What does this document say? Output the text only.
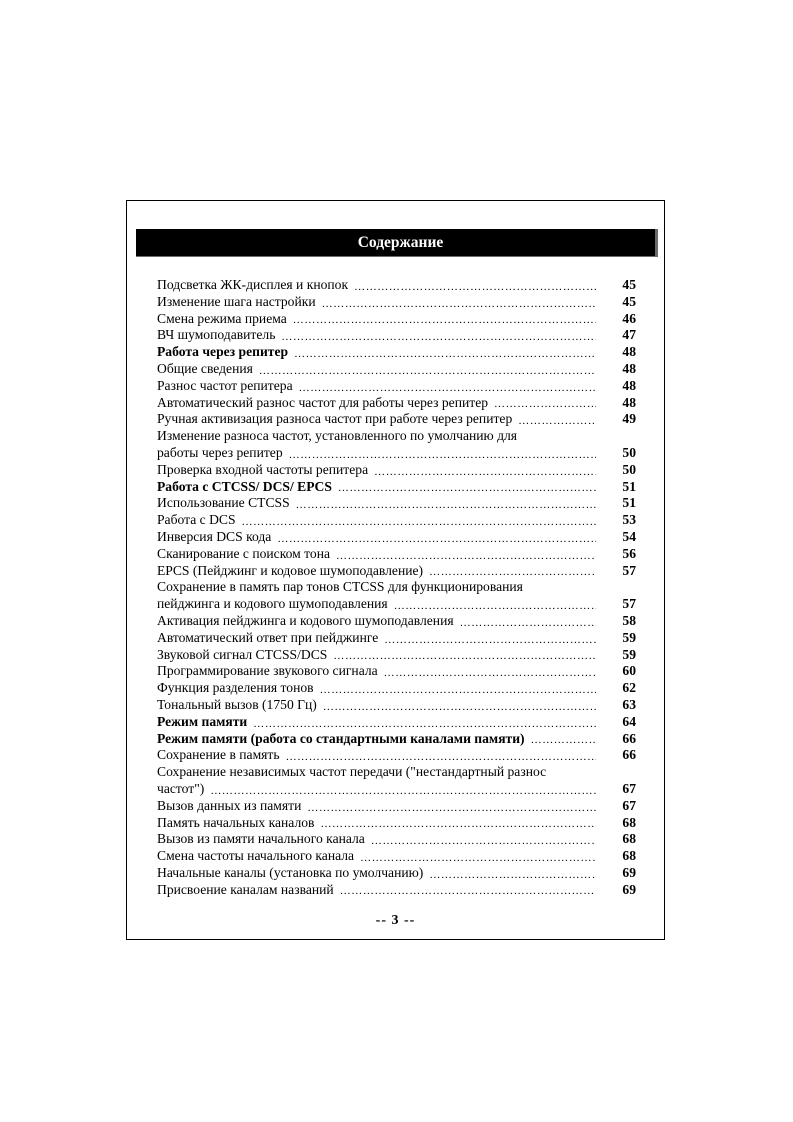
Содержание
Подсветка ЖК-дисплея и кнопок …………………………………………………………………………………………………………………	45
Изменение шага настройки …………………………………………………………………………………………………………………	45
Смена режима приема …………………………………………………………………………………………………………………	46
ВЧ шумоподавитель …………………………………………………………………………………………………………………	47
Работа через репитер …………………………………………………………………………………………………………………	48
Общие сведения …………………………………………………………………………………………………………………	48
Разнос частот репитера …………………………………………………………………………………………………………………	48
Автоматический разнос частот для работы через репитер …………………………………………………………………………………………………………………	48
Ручная активизация разноса частот при работе через репитер …………………………………………………………………………………………………………………	49
Изменение разноса частот, установленного по умолчанию для
работы через репитер …………………………………………………………………………………………………………………	50
Проверка входной частоты репитера …………………………………………………………………………………………………………………	50
Работа с CTCSS/ DCS/ EPCS …………………………………………………………………………………………………………………	51
Использование CTCSS …………………………………………………………………………………………………………………	51
Работа с DCS …………………………………………………………………………………………………………………	53
Инверсия DCS кода …………………………………………………………………………………………………………………	54
Сканирование с поиском тона …………………………………………………………………………………………………………………	56
EPCS (Пейджинг и кодовое шумоподавление) …………………………………………………………………………………………………………………	57
Сохранение в память пар тонов CTCSS для функционирования
пейджинга и кодового шумоподавления …………………………………………………………………………………………………………………	57
Активация пейджинга и кодового шумоподавления …………………………………………………………………………………………………………………	58
Автоматический ответ при пейджинге …………………………………………………………………………………………………………………	59
Звуковой сигнал CTCSS/DCS …………………………………………………………………………………………………………………	59
Программирование звукового сигнала …………………………………………………………………………………………………………………	60
Функция разделения тонов …………………………………………………………………………………………………………………	62
Тональный вызов (1750 Гц) …………………………………………………………………………………………………………………	63
Режим памяти …………………………………………………………………………………………………………………	64
Режим памяти (работа со стандартными каналами памяти) …………………………………………………………………………………………………………………	66
Сохранение в память …………………………………………………………………………………………………………………	66
Сохранение независимых частот передачи ("нестандартный разнос
частот") …………………………………………………………………………………………………………………	67
Вызов данных из памяти …………………………………………………………………………………………………………………	67
Память начальных каналов …………………………………………………………………………………………………………………	68
Вызов из памяти начального канала …………………………………………………………………………………………………………………	68
Смена частоты начального канала …………………………………………………………………………………………………………………	68
Начальные каналы (установка по умолчанию) …………………………………………………………………………………………………………………	69
Присвоение каналам названий …………………………………………………………………………………………………………………	69
-- 3 --
